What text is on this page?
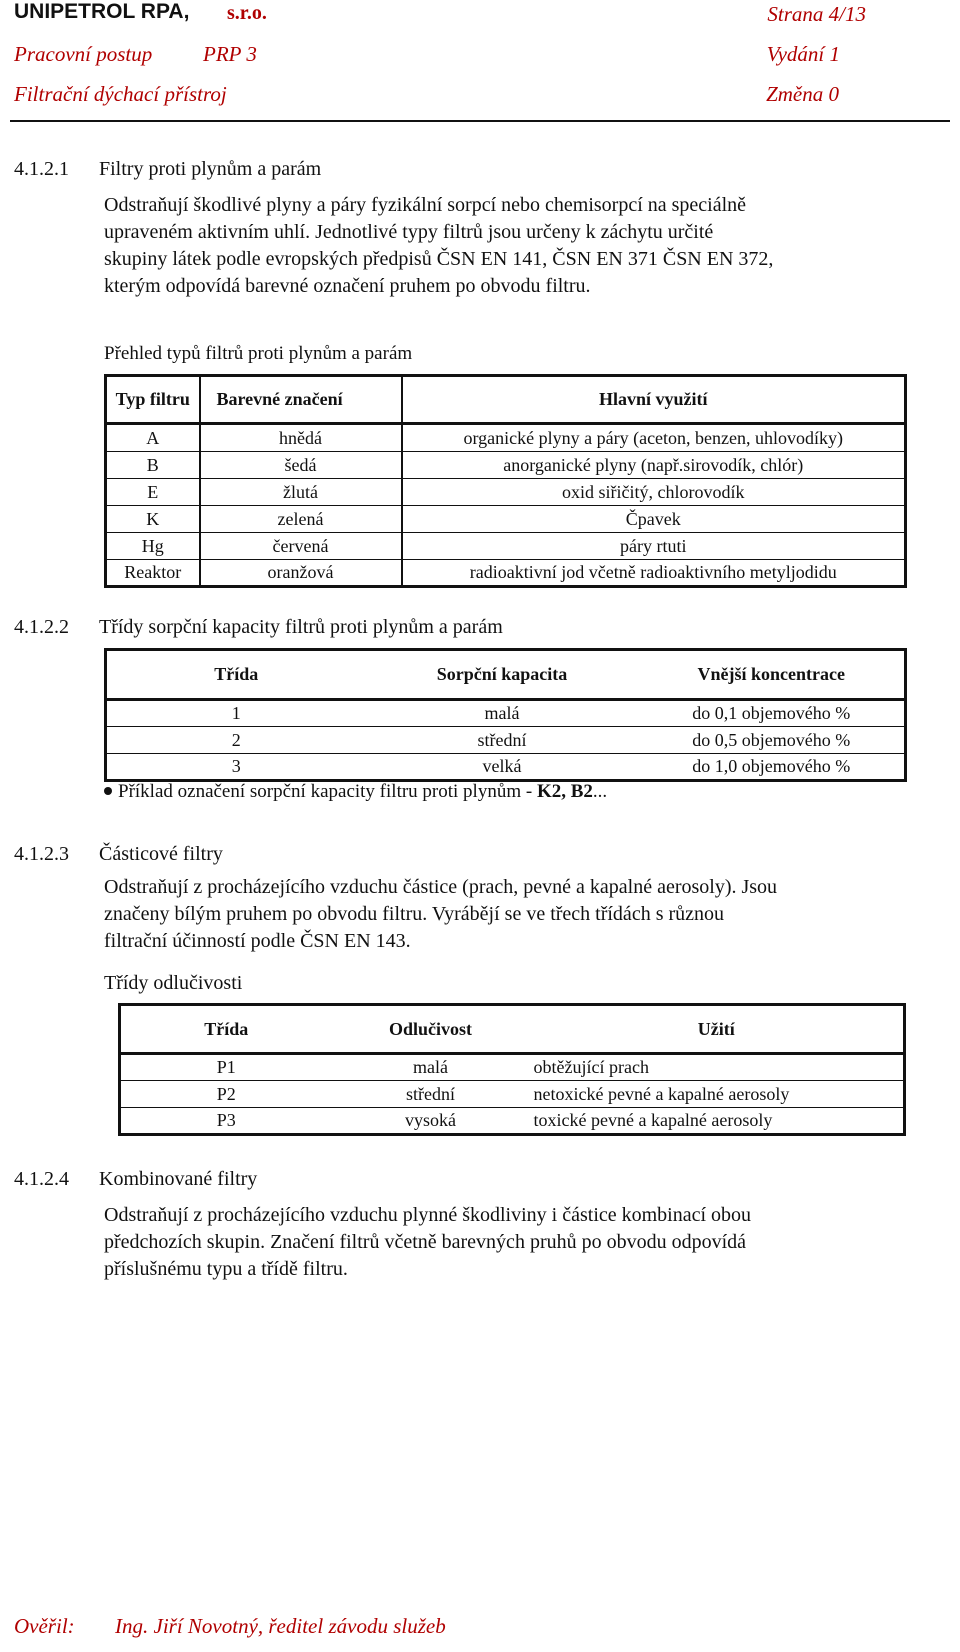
UNIPETROL RPA, s.r.o.	Strana 4/13
Pracovní postup PRP 3	Vydání 1
Filtrační dýchací přístroj	Změna 0
4.1.2.1 Filtry proti plynům a parám
Odstraňují škodlivé plyny a páry fyzikální sorpcí nebo chemisorpcí na speciálně
upraveném aktivním uhlí. Jednotlivé typy filtrů jsou určeny k záchytu určité
skupiny látek podle evropských předpisů ČSN EN 141, ČSN EN 371 ČSN EN 372,
kterým odpovídá barevné označení pruhem po obvodu filtru.
Přehled typů filtrů proti plynům a parám
Typ filtru	Barevné značení	Hlavní využití
A	hnědá	organické plyny a páry (aceton, benzen, uhlovodíky)
B	šedá	anorganické plyny (např.sirovodík, chlór)
E	žlutá	oxid siřičitý, chlorovodík
K	zelená	Čpavek
Hg	červená	páry rtuti
Reaktor	oranžová	radioaktivní jod včetně radioaktivního metyljodidu
4.1.2.2 Třídy sorpční kapacity filtrů proti plynům a parám
Třída	Sorpční kapacita	Vnější koncentrace
1	malá	do 0,1 objemového %
2	střední	do 0,5 objemového %
3	velká	do 1,0 objemového %
Příklad označení sorpční kapacity filtru proti plynům - K2, B2...
4.1.2.3 Částicové filtry
Odstraňují z procházejícího vzduchu částice (prach, pevné a kapalné aerosoly). Jsou
značeny bílým pruhem po obvodu filtru. Vyrábějí se ve třech třídách s různou
filtrační účinností podle ČSN EN 143.
Třídy odlučivosti
Třída	Odlučivost	Užití
P1	malá	obtěžující prach
P2	střední	netoxické pevné a kapalné aerosoly
P3	vysoká	toxické pevné a kapalné aerosoly
4.1.2.4 Kombinované filtry
Odstraňují z procházejícího vzduchu plynné škodliviny i částice kombinací obou
předchozích skupin. Značení filtrů včetně barevných pruhů po obvodu odpovídá
příslušnému typu a třídě filtru.
Ověřil: Ing. Jiří Novotný, ředitel závodu služeb
